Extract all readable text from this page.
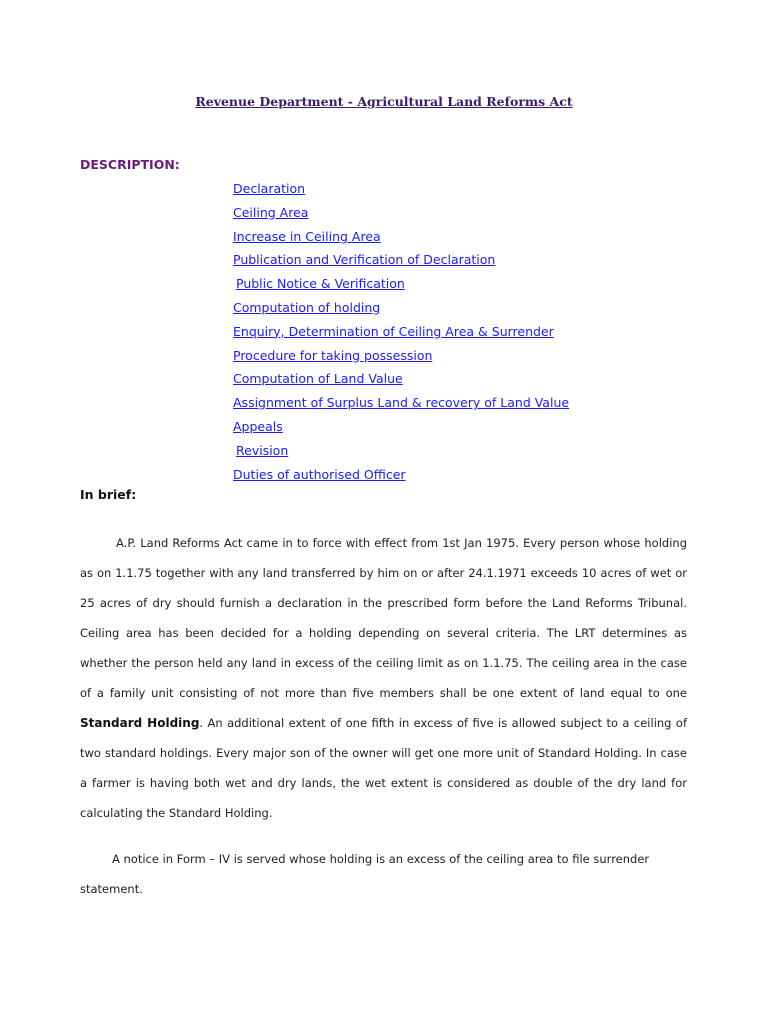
Revenue Department - Agricultural Land Reforms Act
DESCRIPTION:
Declaration
Ceiling Area
Increase in Ceiling Area
Publication and Verification of Declaration
Public Notice & Verification
Computation of holding
Enquiry, Determination of Ceiling Area & Surrender
Procedure for taking possession
Computation of Land Value
Assignment of Surplus Land & recovery of Land Value
Appeals
Revision
Duties of authorised Officer
In brief:

A.P. Land Reforms Act came in to force with effect from 1st Jan 1975. Every person whose holding as on 1.1.75 together with any land transferred by him on or after 24.1.1971 exceeds 10 acres of wet or 25 acres of dry should furnish a declaration in the prescribed form before the Land Reforms Tribunal. Ceiling area has been decided for a holding depending on several criteria. The LRT determines as whether the person held any land in excess of the ceiling limit as on 1.1.75. The ceiling area in the case of a family unit consisting of not more than five members shall be one extent of land equal to one Standard Holding. An additional extent of one fifth in excess of five is allowed subject to a ceiling of two standard holdings. Every major son of the owner will get one more unit of Standard Holding. In case a farmer is having both wet and dry lands, the wet extent is considered as double of the dry land for calculating the Standard Holding.

A notice in Form – IV is served whose holding is an excess of the ceiling area to file surrender statement.
